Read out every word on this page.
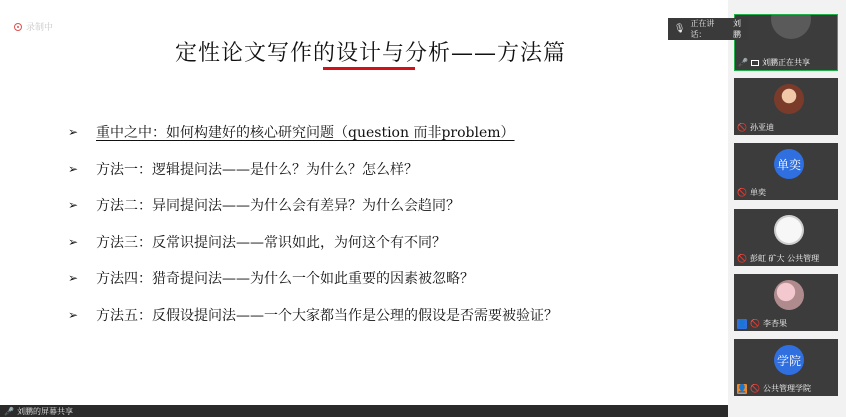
录制中
定性论文写作的设计与分析——方法篇
➢ 重中之中：如何构建好的核心研究问题（question 而非problem）
➢ 方法一：逻辑提问法——是什么？为什么？怎么样？
➢ 方法二：异同提问法——为什么会有差异？为什么会趋同？
➢ 方法三：反常识提问法——常识如此，为何这个有不同？
➢ 方法四：猎奇提问法——为什么一个如此重要的因素被忽略？
➢ 方法五：反假设提问法——一个大家都当作是公理的假设是否需要被验证？
🎤 刘鹏的屏幕共享
🎤 刘鹏正在共享
🚫 孙亚迪
单奕
🚫 单奕
🚫 彭虹 矿大 公共管理
👤 🚫 李杏果
学院
👤 🚫 公共管理学院
🎙
正在讲话：
刘鹏
